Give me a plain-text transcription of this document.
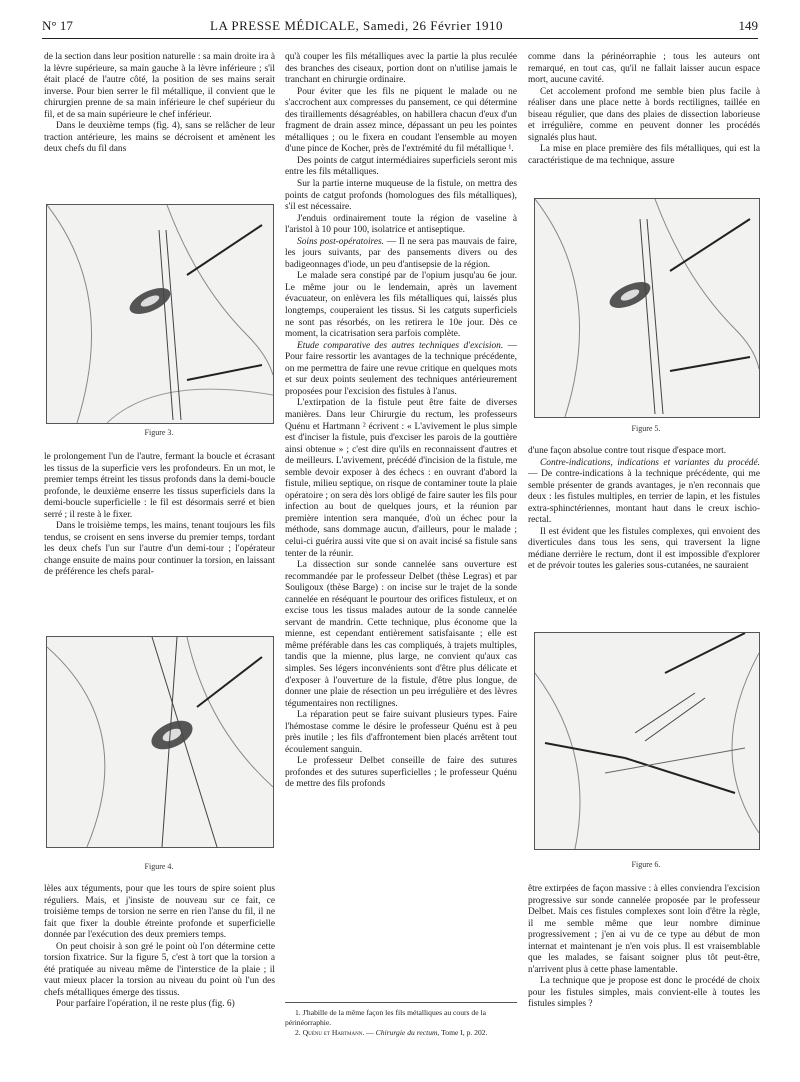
N° 17	LA PRESSE MÉDICALE, Samedi, 26 Février 1910	149

de la section dans leur position naturelle : sa main droite ira à la lèvre supérieure, sa main gauche à la lèvre inférieure ; s'il était placé de l'autre côté, la position de ses mains serait inverse. Pour bien serrer le fil métallique, il convient que le chirurgien prenne de sa main inférieure le chef supérieur du fil, et de sa main supérieure le chef inférieur.

Dans le deuxième temps (fig. 4), sans se relâcher de leur traction antérieure, les mains se décroisent et amènent les deux chefs du fil dans

Figure 3.

le prolongement l'un de l'autre, fermant la boucle et écrasant les tissus de la superficie vers les profondeurs. En un mot, le premier temps étreint les tissus profonds dans la demi-boucle profonde, le deuxième enserre les tissus superficiels dans la demi-boucle superficielle : le fil est désormais serré et bien serré ; il reste à le fixer.

Dans le troisième temps, les mains, tenant toujours les fils tendus, se croisent en sens inverse du premier temps, tordant les deux chefs l'un sur l'autre d'un demi-tour ; l'opérateur change ensuite de mains pour continuer la torsion, en laissant de préférence les chefs paral-

Figure 4.

lèles aux téguments, pour que les tours de spire soient plus réguliers. Mais, et j'insiste de nouveau sur ce fait, ce troisième temps de torsion ne serre en rien l'anse du fil, il ne fait que fixer la double étreinte profonde et superficielle donnée par l'exécution des deux premiers temps.

On peut choisir à son gré le point où l'on détermine cette torsion fixatrice. Sur la figure 5, c'est à tort que la torsion a été pratiquée au niveau même de l'interstice de la plaie ; il vaut mieux placer la torsion au niveau du point où l'un des chefs métalliques émerge des tissus.

Pour parfaire l'opération, il ne reste plus (fig. 6)

qu'à couper les fils métalliques avec la partie la plus reculée des branches des ciseaux, portion dont on n'utilise jamais le tranchant en chirurgie ordinaire.

Pour éviter que les fils ne piquent le malade ou ne s'accrochent aux compresses du pansement, ce qui détermine des tiraillements désagréables, on habillera chacun d'eux d'un fragment de drain assez mince, dépassant un peu les pointes métalliques ; ou le fixera en coudant l'ensemble au moyen d'une pince de Kocher, près de l'extrémité du fil métallique ¹.

Des points de catgut intermédiaires superficiels seront mis entre les fils métalliques.

Sur la partie interne muqueuse de la fistule, on mettra des points de catgut profonds (homologues des fils métalliques), s'il est nécessaire.

J'enduis ordinairement toute la région de vaseline à l'aristol à 10 pour 100, isolatrice et antiseptique.

Soins post-opératoires. — Il ne sera pas mauvais de faire, les jours suivants, par des pansements divers ou des badigeonnages d'iode, un peu d'antisepsie de la région.

Le malade sera constipé par de l'opium jusqu'au 6e jour. Le même jour ou le lendemain, après un lavement évacuateur, on enlèvera les fils métalliques qui, laissés plus longtemps, couperaient les tissus. Si les catguts superficiels ne sont pas résorbés, on les retirera le 10e jour. Dès ce moment, la cicatrisation sera parfois complète.

Etude comparative des autres techniques d'excision. — Pour faire ressortir les avantages de la technique précédente, on me permettra de faire une revue critique en quelques mots et sur deux points seulement des techniques antérieurement proposées pour l'excision des fistules à l'anus.

L'extirpation de la fistule peut être faite de diverses manières. Dans leur Chirurgie du rectum, les professeurs Quénu et Hartmann ² écrivent : « L'avivement le plus simple est d'inciser la fistule, puis d'exciser les parois de la gouttière ainsi obtenue » ; c'est dire qu'ils en reconnaissent d'autres et de meilleurs. L'avivement, précédé d'incision de la fistule, me semble devoir exposer à des échecs : en ouvrant d'abord la fistule, milieu septique, on risque de contaminer toute la plaie opératoire ; on sera dès lors obligé de faire sauter les fils pour infection au bout de quelques jours, et la réunion par première intention sera manquée, d'où un échec pour la méthode, sans dommage aucun, d'ailleurs, pour le malade ; celui-ci guérira aussi vite que si on avait incisé sa fistule sans tenter de la réunir.

La dissection sur sonde cannelée sans ouverture est recommandée par le professeur Delbet (thèse Legras) et par Souligoux (thèse Barge) : on incise sur le trajet de la sonde cannelée en réséquant le pourtour des orifices fistuleux, et on excise tous les tissus malades autour de la sonde cannelée servant de mandrin. Cette technique, plus économe que la mienne, est cependant entièrement satisfaisante ; elle est même préférable dans les cas compliqués, à trajets multiples, tandis que la mienne, plus large, ne convient qu'aux cas simples. Ses légers inconvénients sont d'être plus délicate et d'exposer à l'ouverture de la fistule, d'être plus longue, de donner une plaie de résection un peu irrégulière et des lèvres tégumentaires non rectilignes.

La réparation peut se faire suivant plusieurs types. Faire l'hémostase comme le désire le professeur Quénu est à peu près inutile ; les fils d'affrontement bien placés arrêtent tout écoulement sanguin.

Le professeur Delbet conseille de faire des sutures profondes et des sutures superficielles ; le professeur Quénu de mettre des fils profonds

1. J'habille de la même façon les fils métalliques au cours de la périnéorraphie.

2. Quénu et Hartmann. — Chirurgie du rectum, Tome I, p. 202.

comme dans la périnéorraphie ; tous les auteurs ont remarqué, en tout cas, qu'il ne fallait laisser aucun espace mort, aucune cavité.

Cet accolement profond me semble bien plus facile à réaliser dans une place nette à bords rectilignes, taillée en biseau régulier, que dans des plaies de dissection laborieuse et irrégulière, comme en peuvent donner les procédés signalés plus haut.

La mise en place première des fils métalliques, qui est la caractéristique de ma technique, assure

Figure 5.

d'une façon absolue contre tout risque d'espace mort.

Contre-indications, indications et variantes du procédé. — De contre-indications à la technique précédente, qui me semble présenter de grands avantages, je n'en reconnais que deux : les fistules multiples, en terrier de lapin, et les fistules extra-sphinctériennes, montant haut dans le creux ischio-rectal.

Il est évident que les fistules complexes, qui envoient des diverticules dans tous les sens, qui traversent la ligne médiane derrière le rectum, dont il est impossible d'explorer et de prévoir toutes les galeries sous-cutanées, ne sauraient

Figure 6.

être extirpées de façon massive : à elles conviendra l'excision progressive sur sonde cannelée proposée par le professeur Delbet. Mais ces fistules complexes sont loin d'être la règle, il me semble même que leur nombre diminue progressivement ; j'en ai vu de ce type au début de mon internat et maintenant je n'en vois plus. Il est vraisemblable que les malades, se faisant soigner plus tôt peut-être, n'arrivent plus à cette phase lamentable.

La technique que je propose est donc le procédé de choix pour les fistules simples, mais convient-elle à toutes les fistules simples ?
